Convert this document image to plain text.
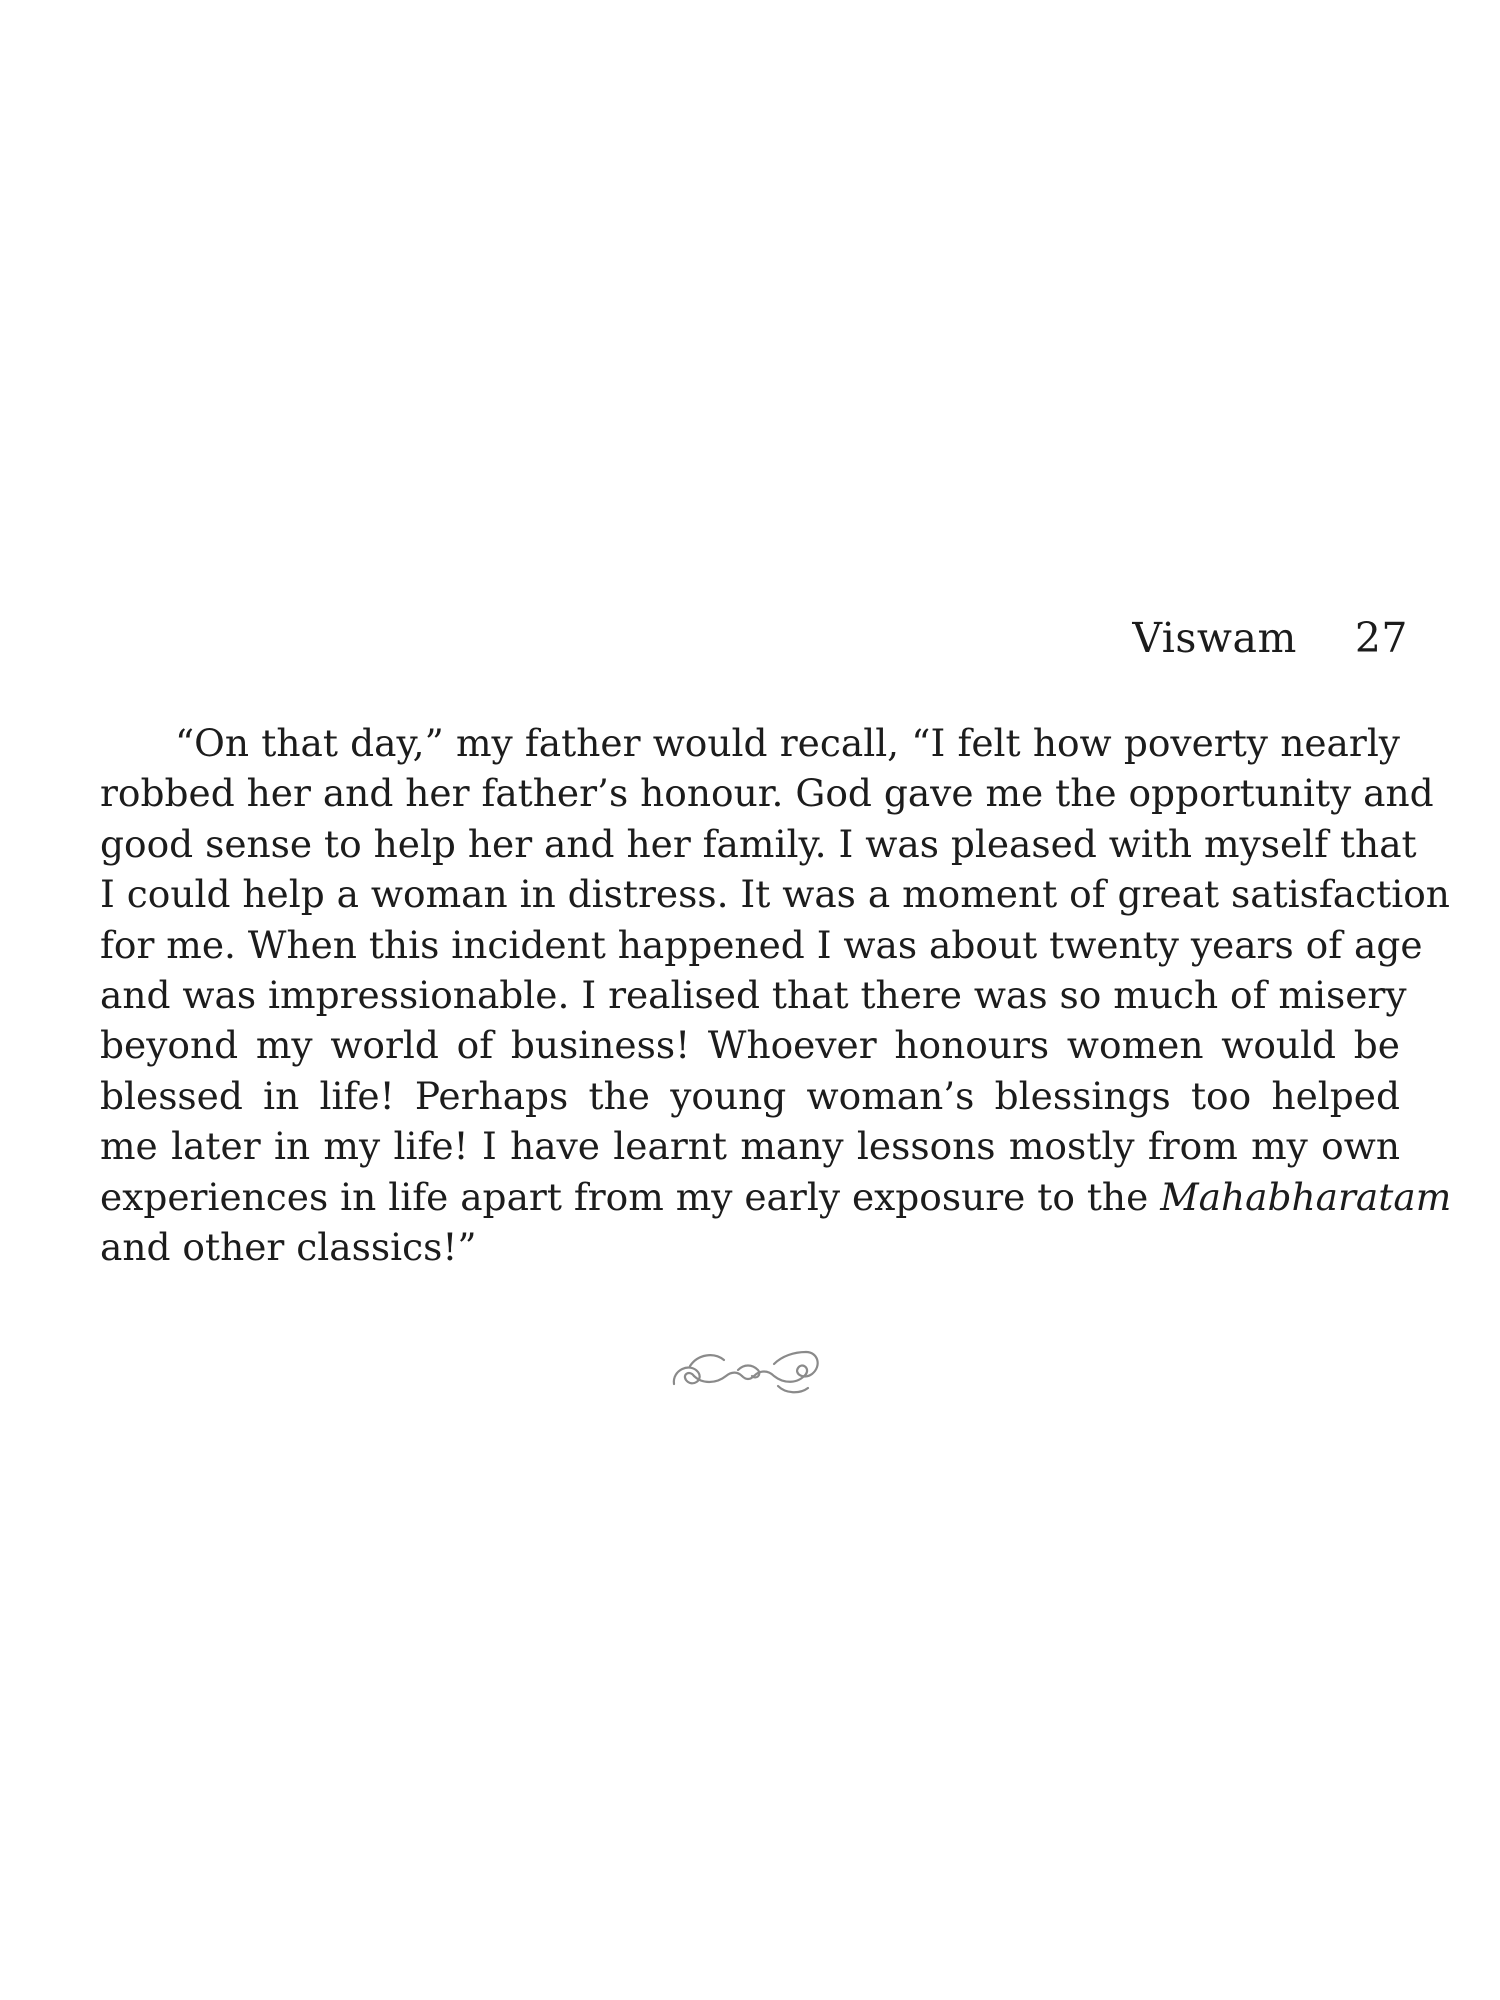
Viswam 27
“On that day,” my father would recall, “I felt how poverty nearly
robbed her and her father’s honour. God gave me the opportunity and
good sense to help her and her family. I was pleased with myself that
I could help a woman in distress. It was a moment of great satisfaction
for me. When this incident happened I was about twenty years of age
and was impressionable. I realised that there was so much of misery
beyond my world of business! Whoever honours women would be
blessed in life! Perhaps the young woman’s blessings too helped
me later in my life! I have learnt many lessons mostly from my own
experiences in life apart from my early exposure to the Mahabharatam
and other classics!”
